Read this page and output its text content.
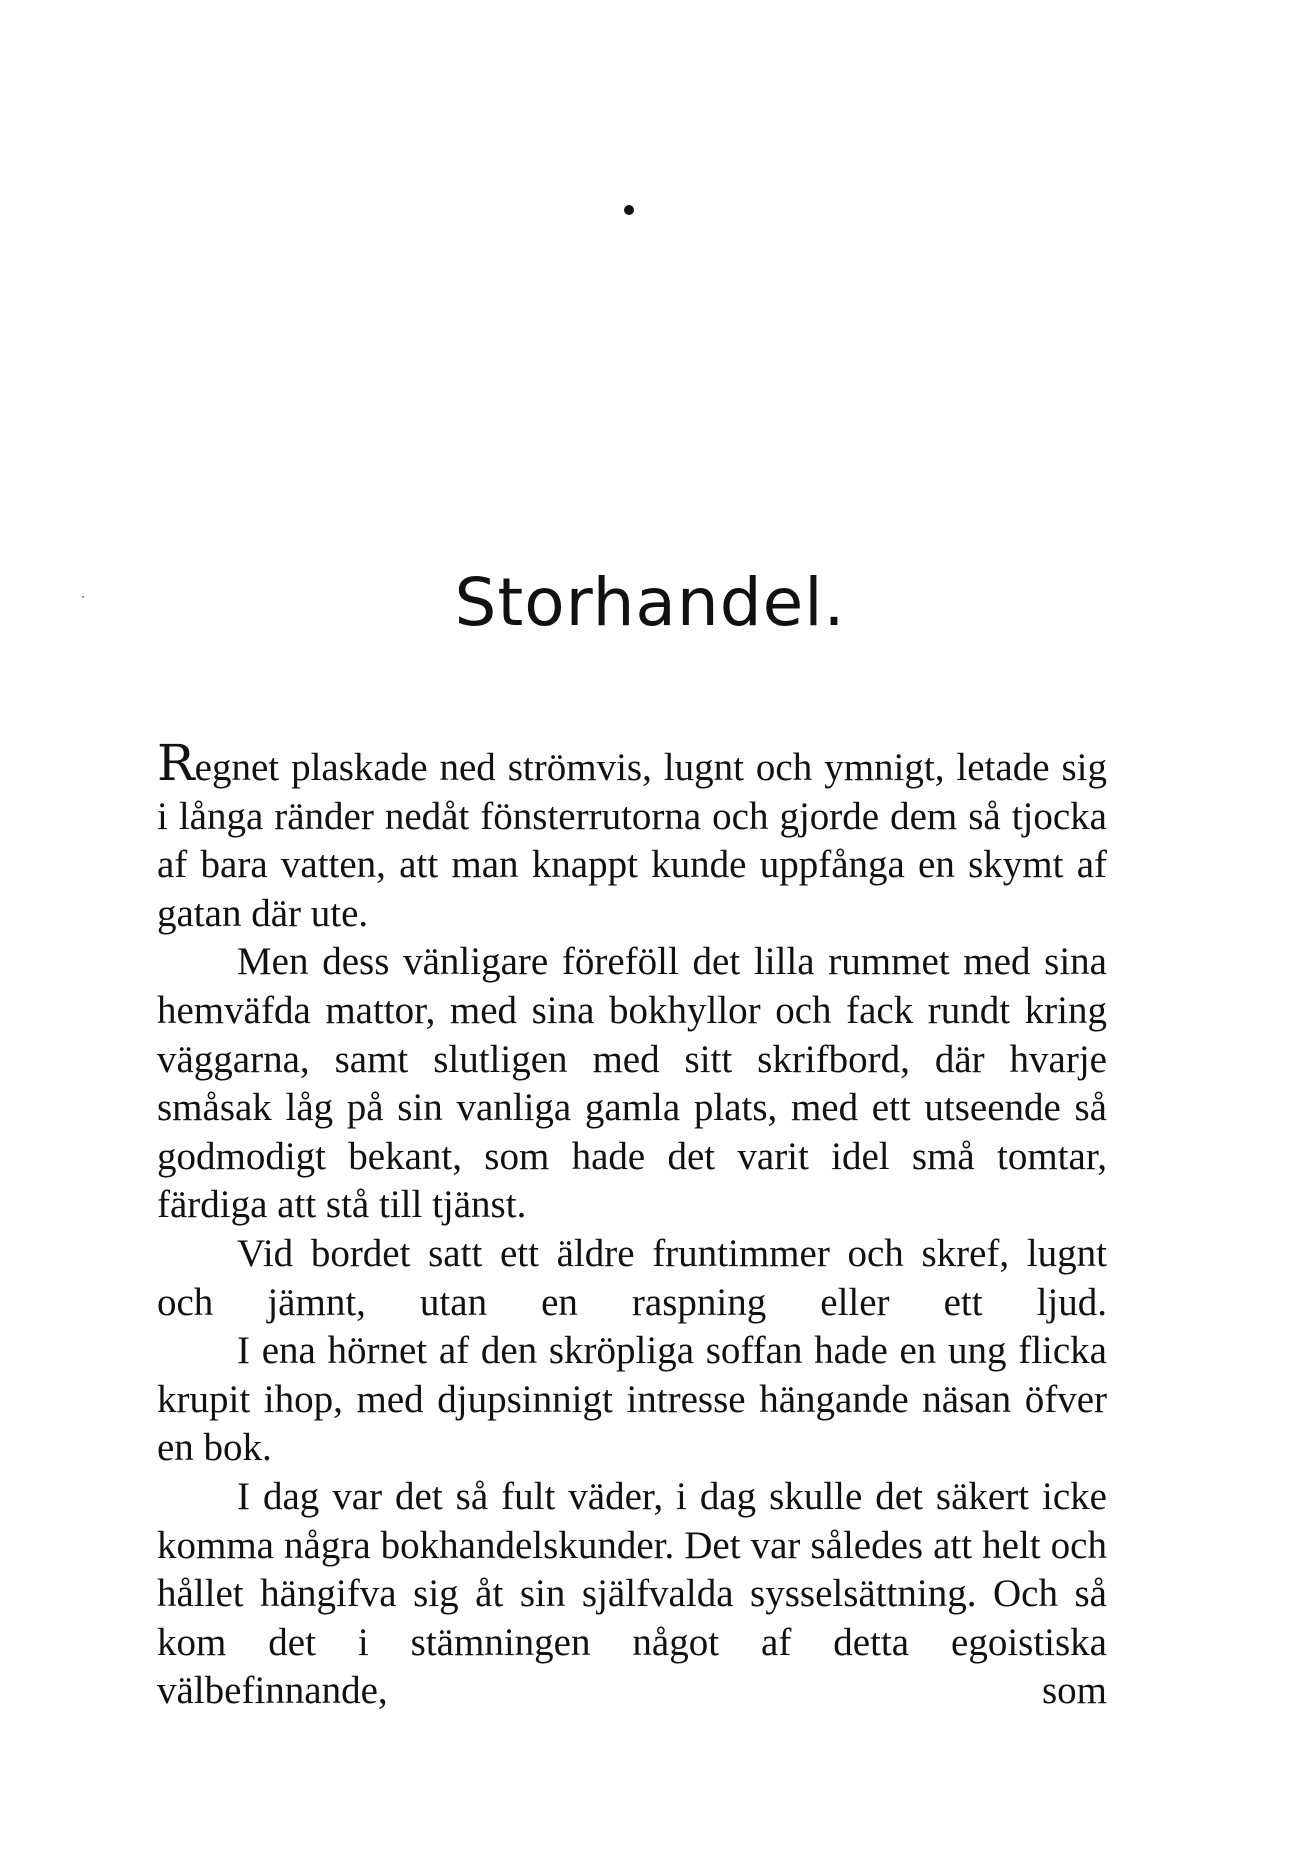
Storhandel.

Regnet plaskade ned strömvis, lugnt och ymnigt, letade sig i långa ränder nedåt fönsterrutorna och gjorde dem så tjocka af bara vatten, att man knappt kunde uppfånga en skymt af gatan där ute.

Men dess vänligare föreföll det lilla rummet med sina hemväfda mattor, med sina bokhyllor och fack rundt kring väggarna, samt slutligen med sitt skrifbord, där hvarje småsak låg på sin vanliga gamla plats, med ett utseende så godmodigt bekant, som hade det varit idel små tomtar, färdiga att stå till tjänst.

Vid bordet satt ett äldre fruntimmer och skref, lugnt och jämnt, utan en raspning eller ett ljud.

I ena hörnet af den skröpliga soffan hade en ung flicka krupit ihop, med djupsinnigt intresse hängande näsan öfver en bok.

I dag var det så fult väder, i dag skulle det säkert icke komma några bokhandelskunder. Det var således att helt och hållet hängifva sig åt sin själfvalda sysselsättning. Och så kom det i stämningen något af detta egoistiska välbefinnande, som
